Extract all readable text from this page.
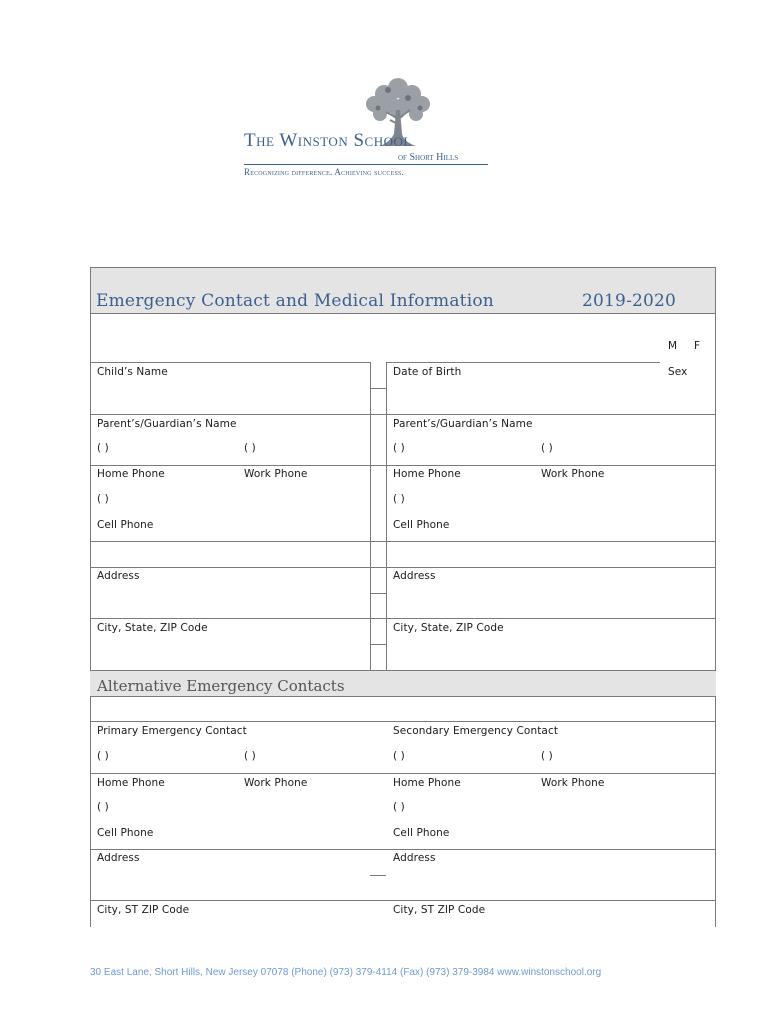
The Winston School
of Short Hills
Recognizing difference. Achieving success.
Emergency Contact and Medical Information	2019-2020
M F
Child’s Name	Date of Birth	Sex
Parent’s/Guardian’s Name	Parent’s/Guardian’s Name
( )	( )	( )	( )
Home Phone	Work Phone	Home Phone	Work Phone
( )	( )
Cell Phone	Cell Phone
Address	Address
City, State, ZIP Code	City, State, ZIP Code
Alternative Emergency Contacts
Primary Emergency Contact	Secondary Emergency Contact
( )	( )	( )	( )
Home Phone	Work Phone	Home Phone	Work Phone
( )	( )
Cell Phone	Cell Phone
Address	Address
City, ST ZIP Code	City, ST ZIP Code
30 East Lane, Short Hills, New Jersey 07078 (Phone) (973) 379-4114 (Fax) (973) 379-3984 www.winstonschool.org
